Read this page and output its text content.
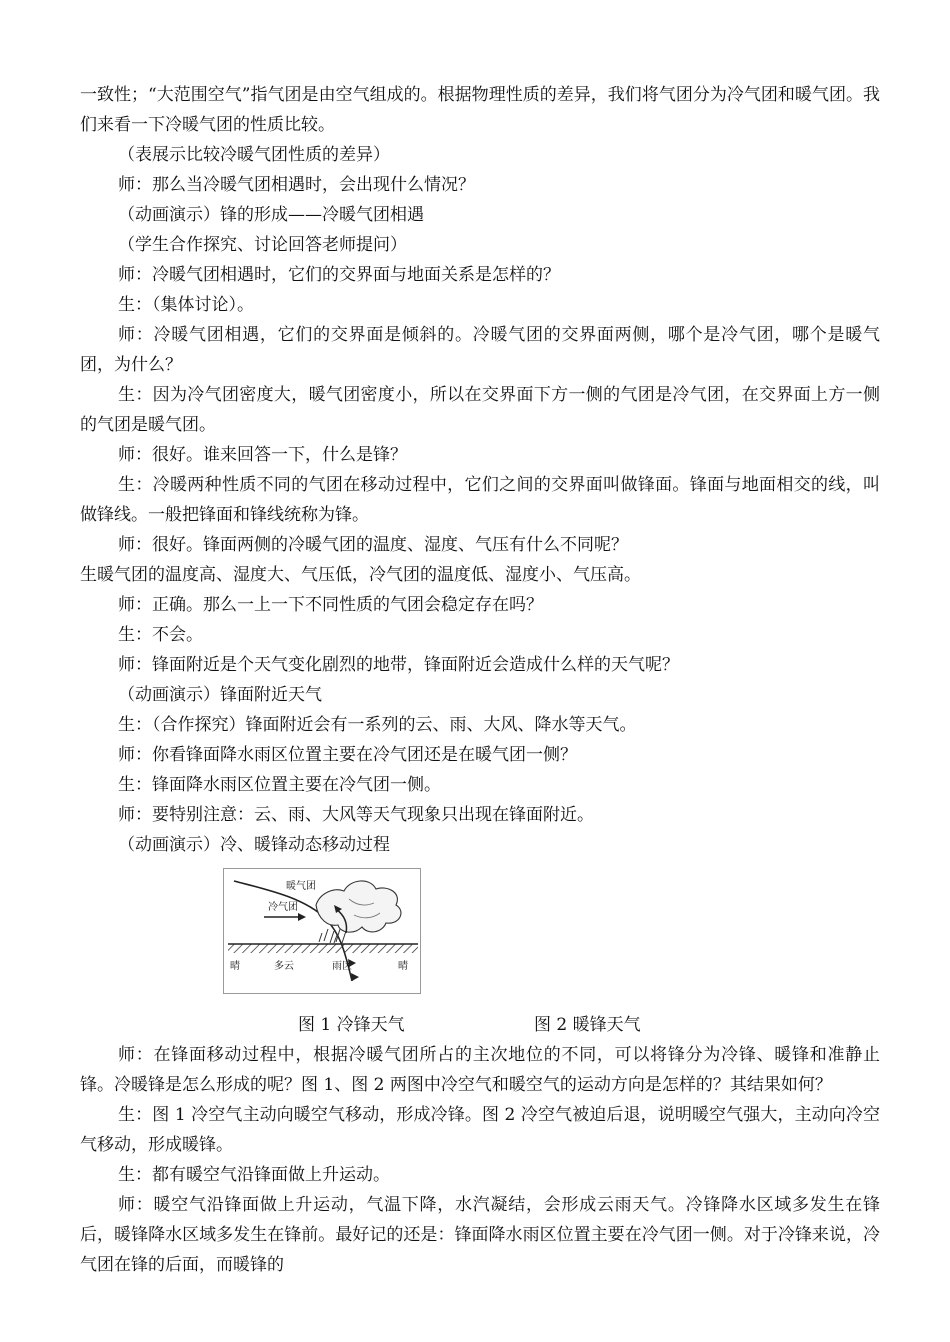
一致性；“大范围空气”指气团是由空气组成的。根据物理性质的差异，我们将气团分为冷气团和暖气团。我们来看一下冷暖气团的性质比较。

（表展示比较冷暖气团性质的差异）

师：那么当冷暖气团相遇时，会出现什么情况？

（动画演示）锋的形成——冷暖气团相遇

（学生合作探究、讨论回答老师提问）

师：冷暖气团相遇时，它们的交界面与地面关系是怎样的？

生：（集体讨论）。

师：冷暖气团相遇，它们的交界面是倾斜的。冷暖气团的交界面两侧，哪个是冷气团，哪个是暖气团，为什么？

生：因为冷气团密度大，暖气团密度小，所以在交界面下方一侧的气团是冷气团，在交界面上方一侧的气团是暖气团。

师：很好。谁来回答一下，什么是锋？

生：冷暖两种性质不同的气团在移动过程中，它们之间的交界面叫做锋面。锋面与地面相交的线，叫做锋线。一般把锋面和锋线统称为锋。

师：很好。锋面两侧的冷暖气团的温度、湿度、气压有什么不同呢？

生暖气团的温度高、湿度大、气压低，冷气团的温度低、湿度小、气压高。

师：正确。那么一上一下不同性质的气团会稳定存在吗？

生：不会。

师：锋面附近是个天气变化剧烈的地带，锋面附近会造成什么样的天气呢？

（动画演示）锋面附近天气

生：（合作探究）锋面附近会有一系列的云、雨、大风、降水等天气。

师：你看锋面降水雨区位置主要在冷气团还是在暖气团一侧？

生：锋面降水雨区位置主要在冷气团一侧。

师：要特别注意：云、雨、大风等天气现象只出现在锋面附近。

（动画演示）冷、暖锋动态移动过程

暖气团
冷气团
晴	多云	雨区	晴
图 1 冷锋天气	图 2 暖锋天气

师：在锋面移动过程中，根据冷暖气团所占的主次地位的不同，可以将锋分为冷锋、暖锋和准静止锋。冷暖锋是怎么形成的呢？图 1、图 2 两图中冷空气和暖空气的运动方向是怎样的？其结果如何？

生：图 1 冷空气主动向暖空气移动，形成冷锋。图 2 冷空气被迫后退，说明暖空气强大，主动向冷空气移动，形成暖锋。

生：都有暖空气沿锋面做上升运动。

师：暖空气沿锋面做上升运动，气温下降，水汽凝结，会形成云雨天气。冷锋降水区域多发生在锋后，暖锋降水区域多发生在锋前。最好记的还是：锋面降水雨区位置主要在冷气团一侧。对于冷锋来说，冷气团在锋的后面，而暖锋的
